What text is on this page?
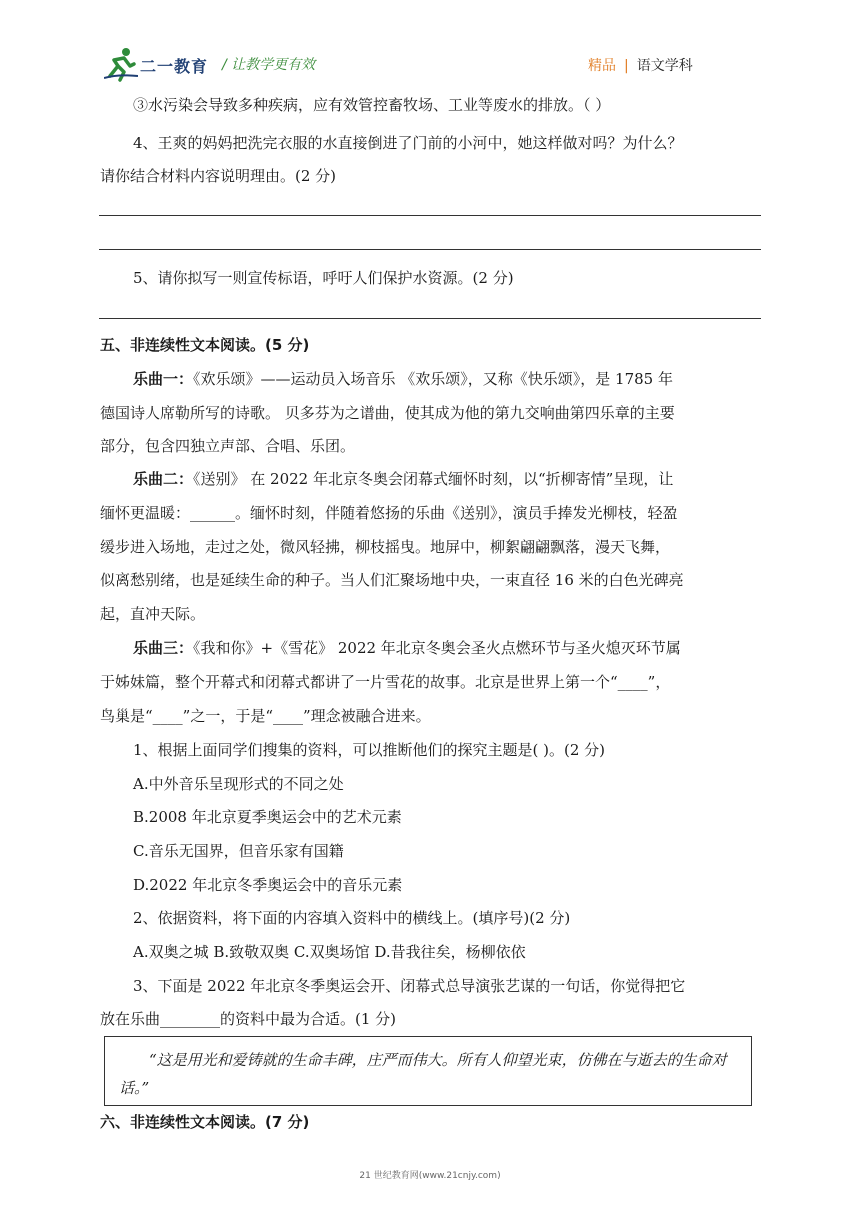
二一教育 / 让教学更有效	精品 | 语文学科
③水污染会导致多种疾病，应有效管控畜牧场、工业等废水的排放。（ ）
4、王爽的妈妈把洗完衣服的水直接倒进了门前的小河中，她这样做对吗？为什么？
请你结合材料内容说明理由。(2 分)
5、请你拟写一则宣传标语，呼吁人们保护水资源。(2 分)
五、非连续性文本阅读。(5 分)
乐曲一：《欢乐颂》——运动员入场音乐 《欢乐颂》，又称《快乐颂》，是 1785 年
德国诗人席勒所写的诗歌。 贝多芬为之谱曲，使其成为他的第九交响曲第四乐章的主要
部分，包含四独立声部、合唱、乐团。
乐曲二：《送别》 在 2022 年北京冬奥会闭幕式缅怀时刻，以“折柳寄情”呈现，让
缅怀更温暖：______。缅怀时刻，伴随着悠扬的乐曲《送别》，演员手捧发光柳枝，轻盈
缓步进入场地，走过之处，微风轻拂，柳枝摇曳。地屏中，柳絮翩翩飘落，漫天飞舞，
似离愁别绪，也是延续生命的种子。当人们汇聚场地中央，一束直径 16 米的白色光碑亮
起，直冲天际。
乐曲三：《我和你》+《雪花》 2022 年北京冬奥会圣火点燃环节与圣火熄灭环节属
于姊妹篇，整个开幕式和闭幕式都讲了一片雪花的故事。北京是世界上第一个“____”，
鸟巢是“____”之一，于是“____”理念被融合进来。
1、根据上面同学们搜集的资料，可以推断他们的探究主题是( )。(2 分)
A.中外音乐呈现形式的不同之处
B.2008 年北京夏季奥运会中的艺术元素
C.音乐无国界，但音乐家有国籍
D.2022 年北京冬季奥运会中的音乐元素
2、依据资料，将下面的内容填入资料中的横线上。(填序号)(2 分)
A.双奥之城 B.致敬双奥 C.双奥场馆 D.昔我往矣，杨柳依依
3、下面是 2022 年北京冬季奥运会开、闭幕式总导演张艺谋的一句话，你觉得把它
放在乐曲________的资料中最为合适。(1 分)
  “这是用光和爱铸就的生命丰碑，庄严而伟大。所有人仰望光束，仿佛在与逝去的生命对话。”
六、非连续性文本阅读。(7 分)
21 世纪教育网(www.21cnjy.com)
